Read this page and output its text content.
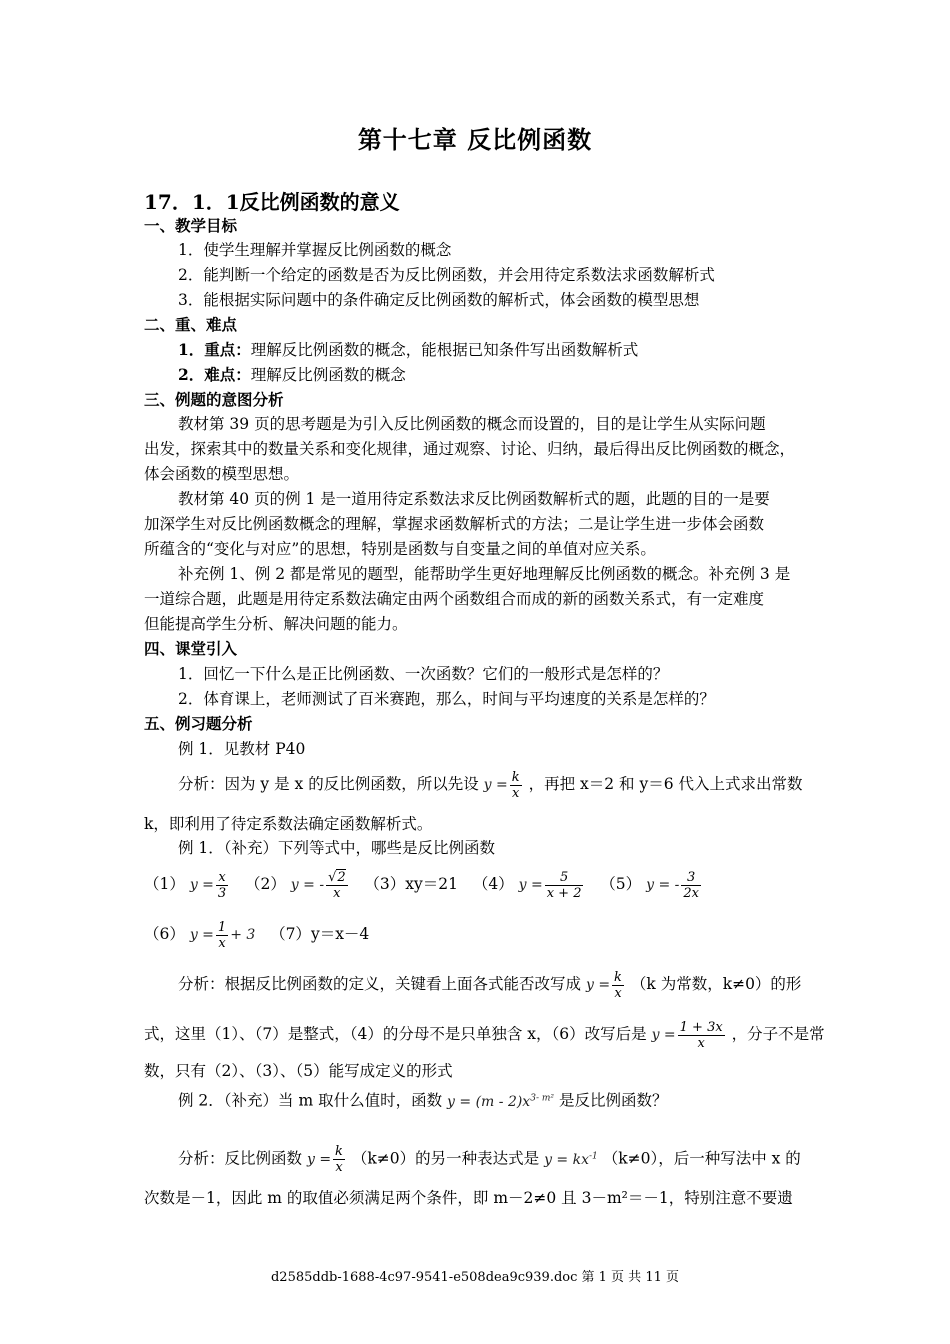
第十七章 反比例函数
17．1．1反比例函数的意义
一、教学目标
1．使学生理解并掌握反比例函数的概念
2．能判断一个给定的函数是否为反比例函数，并会用待定系数法求函数解析式
3．能根据实际问题中的条件确定反比例函数的解析式，体会函数的模型思想
二、重、难点
1．重点：理解反比例函数的概念，能根据已知条件写出函数解析式
2．难点：理解反比例函数的概念
三、例题的意图分析
教材第 39 页的思考题是为引入反比例函数的概念而设置的，目的是让学生从实际问题
出发，探索其中的数量关系和变化规律，通过观察、讨论、归纳，最后得出反比例函数的概念，
体会函数的模型思想。
教材第 40 页的例 1 是一道用待定系数法求反比例函数解析式的题，此题的目的一是要
加深学生对反比例函数概念的理解，掌握求函数解析式的方法；二是让学生进一步体会函数
所蕴含的“变化与对应”的思想，特别是函数与自变量之间的单值对应关系。
补充例 1、例 2 都是常见的题型，能帮助学生更好地理解反比例函数的概念。补充例 3 是
一道综合题，此题是用待定系数法确定由两个函数组合而成的新的函数关系式，有一定难度
但能提高学生分析、解决问题的能力。
四、课堂引入
1．回忆一下什么是正比例函数、一次函数？它们的一般形式是怎样的？
2．体育课上，老师测试了百米赛跑，那么，时间与平均速度的关系是怎样的？
五、例习题分析
例 1．见教材 P40
分析：因为 y 是 x 的反比例函数，所以先设 $y = \frac{k}{x}$ ，再把 x＝2 和 y＝6 代入上式求出常数
k，即利用了待定系数法确定函数解析式。
例 1．（补充）下列等式中，哪些是反比例函数
（1） $y = \frac{x}{3} (2) y$ = - $\frac{√2}{x} (3)xy=21$ （4） $y = \frac{5}{x + 2} (5) y$ = - $\frac{3}{2x}$
（6） $y = \frac{1}{x} + 3$ （7）y＝x－4
分析：根据反比例函数的定义，关键看上面各式能否改写成 $y = \frac{k}{x} (k$ 为常数，k≠0）的形
式，这里（1）、（7）是整式，（4）的分母不是只单独含 x，（6）改写后是 $y = \frac{1 + 3x}{x}$ ，分子不是常
数，只有（2）、（3）、（5）能写成定义的形式
例 2．（补充）当 m 取什么值时，函数 $y = (m - 2)x^{3- m^2}$ 是反比例函数？
分析：反比例函数 $y = \frac{k}{x} (k\ne 0)$的另一种表达式是 $y = kx^{-1}$ （k≠0），后一种写法中 x 的
次数是－1，因此 m 的取值必须满足两个条件，即 m－2≠0 且 3－m²＝－1，特别注意不要遗
d2585ddb-1688-4c97-9541-e508dea9c939.doc 第 1 页 共 11 页
